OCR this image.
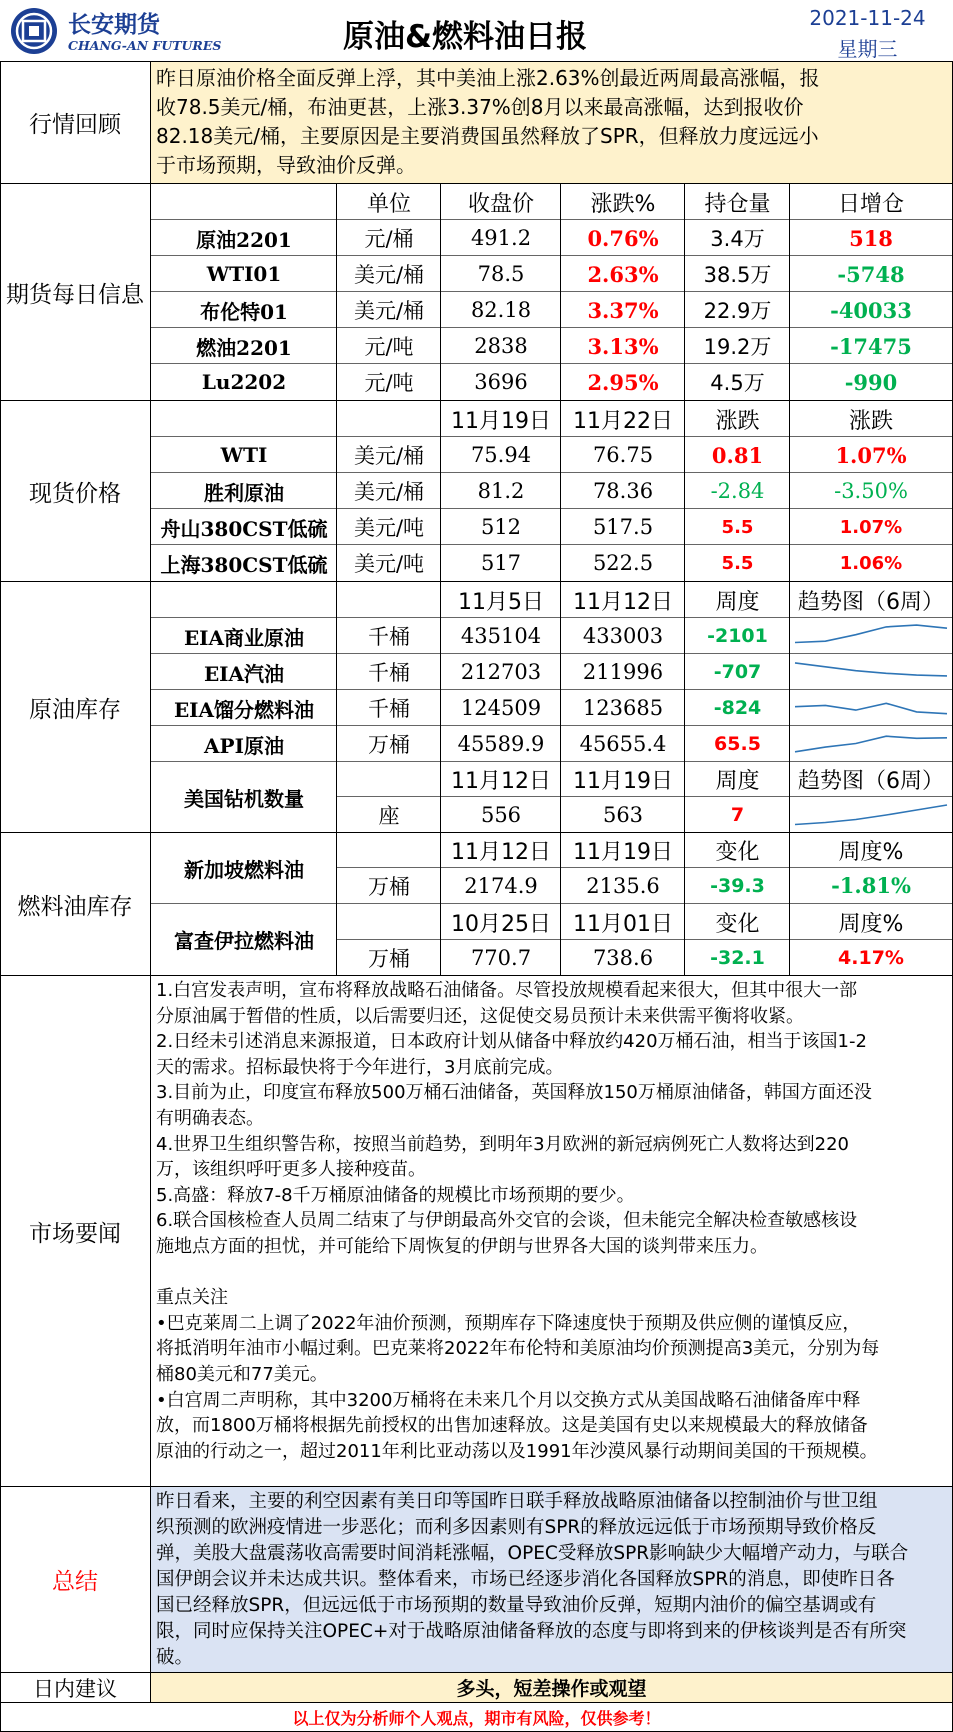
长安期货
CHANG-AN FUTURES	原油&燃料油日报
2021-11-24
星期三
行情回顾
昨日原油价格全面反弹上浮，其中美油上涨2.63%创最近两周最高涨幅，报
收78.5美元/桶，布油更甚，上涨3.37%创8月以来最高涨幅，达到报收价
82.18美元/桶，主要原因是主要消费国虽然释放了SPR，但释放力度远远小
于市场预期，导致油价反弹。
期货每日信息
单位	收盘价	涨跌%	持仓量	日增仓
原油2201	元/桶	491.2	0.76%	3.4万	518
WTI01	美元/桶	78.5	2.63%	38.5万	-5748
布伦特01	美元/桶	82.18	3.37%	22.9万	-40033
燃油2201	元/吨	2838	3.13%	19.2万	-17475
Lu2202	元/吨	3696	2.95%	4.5万	-990
现货价格
11月19日	11月22日	涨跌	涨跌
WTI	美元/桶	75.94	76.75	0.81	1.07%
胜利原油	美元/桶	81.2	78.36	-2.84	-3.50%
舟山380CST低硫	美元/吨	512	517.5	5.5	1.07%
上海380CST低硫	美元/吨	517	522.5	5.5	1.06%
原油库存
11月5日	11月12日	周度	趋势图（6周）
EIA商业原油	千桶	435104	433003	-2101
EIA汽油	千桶	212703	211996	-707
EIA馏分燃料油	千桶	124509	123685	-824
API原油	万桶	45589.9	45655.4	65.5
美国钻机数量
11月12日	11月19日	周度	趋势图（6周）
座	556	563	7
燃料油库存
新加坡燃料油
11月12日	11月19日	变化	周度%
万桶	2174.9	2135.6	-39.3	-1.81%
富查伊拉燃料油
10月25日	11月01日	变化	周度%
万桶	770.7	738.6	-32.1	4.17%
市场要闻
1.白宫发表声明，宣布将释放战略石油储备。尽管投放规模看起来很大，但其中很大一部
分原油属于暂借的性质，以后需要归还，这促使交易员预计未来供需平衡将收紧。
2.日经未引述消息来源报道，日本政府计划从储备中释放约420万桶石油，相当于该国1-2
天的需求。招标最快将于今年进行，3月底前完成。
3.目前为止，印度宣布释放500万桶石油储备，英国释放150万桶原油储备，韩国方面还没
有明确表态。
4.世界卫生组织警告称，按照当前趋势，到明年3月欧洲的新冠病例死亡人数将达到220
万，该组织呼吁更多人接种疫苗。
5.高盛：释放7-8千万桶原油储备的规模比市场预期的要少。
6.联合国核检查人员周二结束了与伊朗最高外交官的会谈，但未能完全解决检查敏感核设
施地点方面的担忧，并可能给下周恢复的伊朗与世界各大国的谈判带来压力。
重点关注
•巴克莱周二上调了2022年油价预测，预期库存下降速度快于预期及供应侧的谨慎反应，
将抵消明年油市小幅过剩。巴克莱将2022年布伦特和美原油均价预测提高3美元，分别为每
桶80美元和77美元。
•白宫周二声明称，其中3200万桶将在未来几个月以交换方式从美国战略石油储备库中释
放，而1800万桶将根据先前授权的出售加速释放。这是美国有史以来规模最大的释放储备
原油的行动之一，超过2011年利比亚动荡以及1991年沙漠风暴行动期间美国的干预规模。
总结
昨日看来，主要的利空因素有美日印等国昨日联手释放战略原油储备以控制油价与世卫组
织预测的欧洲疫情进一步恶化；而利多因素则有SPR的释放远远低于市场预期导致价格反
弹，美股大盘震荡收高需要时间消耗涨幅，OPEC受释放SPR影响缺少大幅增产动力，与联合
国伊朗会议并未达成共识。整体看来，市场已经逐步消化各国释放SPR的消息，即使昨日各
国已经释放SPR，但远远低于市场预期的数量导致油价反弹，短期内油价的偏空基调或有
限，同时应保持关注OPEC+对于战略原油储备释放的态度与即将到来的伊核谈判是否有所突
破。
日内建议	多头，短差操作或观望
以上仅为分析师个人观点，期市有风险，仅供参考！
